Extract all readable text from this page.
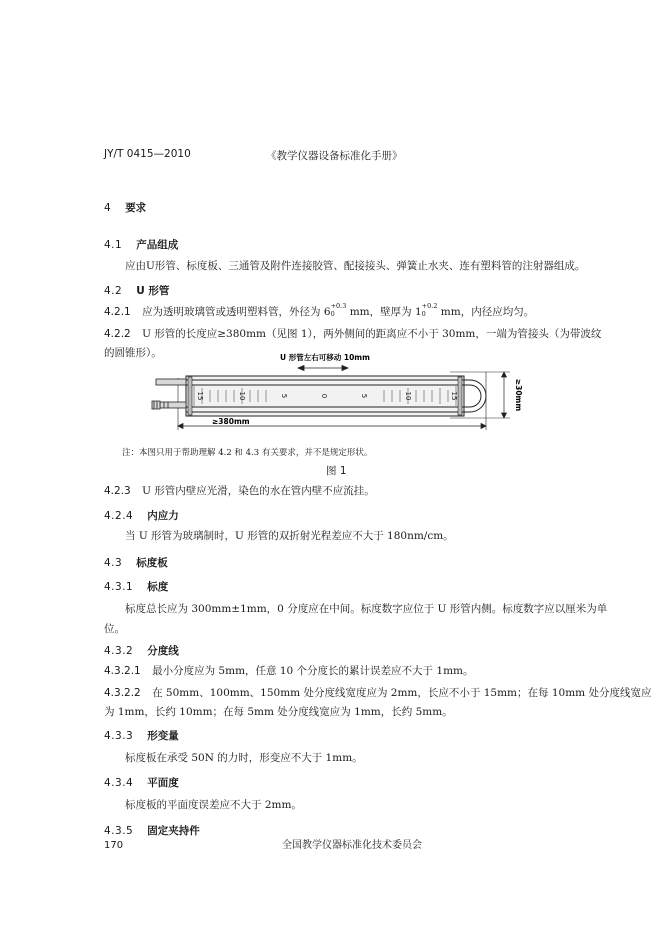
JY/T 0415—2010	《教学仪器设备标准化手册》
4 要求
4.1 产品组成
应由U形管、标度板、三通管及附件连接胶管、配接接头、弹簧止水夹、连有塑料管的注射器组成。
4.2 U 形管
4.2.1 应为透明玻璃管或透明塑料管，外径为 6 +0.3
0	mm，壁厚为 1 +0.2
0	mm，内径应均匀。
4.2.2 U 形管的长度应≥380mm（见图 1），两外侧间的距离应不小于 30mm，一端为管接头（为带波纹
的圆锥形）。	U 形管左右可移动 10mm
15	10	5	0	5	10	15	≥30mm
≥380mm
注：本图只用于帮助理解 4.2 和 4.3 有关要求，并不是规定形状。
图 1
4.2.3 U 形管内壁应光滑，染色的水在管内壁不应流挂。
4.2.4 内应力
当 U 形管为玻璃制时，U 形管的双折射光程差应不大于 180nm/cm。
4.3 标度板
4.3.1 标度
标度总长应为 300mm±1mm，0 分度应在中间。标度数字应位于 U 形管内侧。标度数字应以厘米为单
位。
4.3.2 分度线
4.3.2.1 最小分度应为 5mm，任意 10 个分度长的累计误差应不大于 1mm。
4.3.2.2 在 50mm、100mm、150mm 处分度线宽度应为 2mm，长应不小于 15mm；在每 10mm 处分度线宽应
为 1mm，长约 10mm；在每 5mm 处分度线宽应为 1mm，长约 5mm。
4.3.3 形变量
标度板在承受 50N 的力时，形变应不大于 1mm。
4.3.4 平面度
标度板的平面度误差应不大于 2mm。
4.3.5 固定夹持件
170	全国教学仪器标准化技术委员会
